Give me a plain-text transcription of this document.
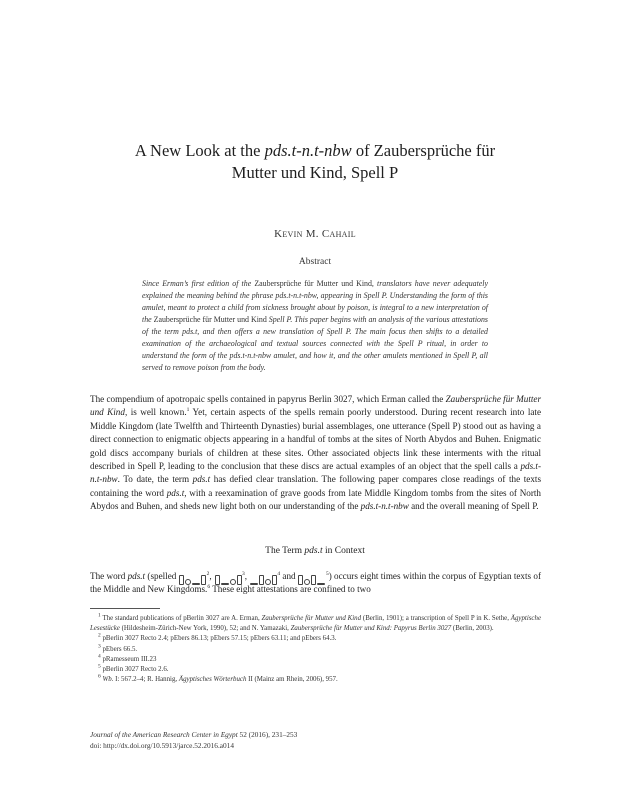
A New Look at the pds.t-n.t-nbw of Zaubersprüche für
Mutter und Kind, Spell P
Kevin M. Cahail
Abstract
Since Erman’s first edition of the Zaubersprüche für Mutter und Kind, translators have never adequately explained the meaning behind the phrase pds.t-n.t-nbw, appearing in Spell P. Understanding the form of this amulet, meant to protect a child from sickness brought about by poison, is integral to a new interpretation of the Zaubersprüche für Mutter und Kind Spell P. This paper begins with an analysis of the various attestations of the term pds.t, and then offers a new translation of Spell P. The main focus then shifts to a detailed examination of the archaeological and textual sources connected with the Spell P ritual, in order to understand the form of the pds.t-n.t-nbw amulet, and how it, and the other amulets mentioned in Spell P, all served to remove poison from the body.

The compendium of apotropaic spells contained in papyrus Berlin 3027, which Erman called the Zaubersprüche für Mutter und Kind, is well known.$^1$ Yet, certain aspects of the spells remain poorly understood. During recent research into late Middle Kingdom (late Twelfth and Thirteenth Dynasties) burial assemblages, one utterance (Spell P) stood out as having a direct connection to enigmatic objects appearing in a handful of tombs at the sites of North Abydos and Buhen. Enigmatic gold discs accompany burials of children at these sites. Other associated objects link these interments with the ritual described in Spell P, leading to the conclusion that these discs are actual examples of an object that the spell calls a pds.t-n.t-nbw. To date, the term pds.t has defied clear translation. The following paper compares close readings of the texts containing the word pds.t, with a reexamination of grave goods from late Middle Kingdom tombs from the sites of North Abydos and Buhen, and sheds new light both on our understanding of the pds.t-n.t-nbw and the overall meaning of Spell P.

The Term pds.t in Context
The word pds.t (spelled	$^2$,	$^3$,	$^4$ and	$^5$) occurs eight times within the corpus of Egyptian texts of the Middle and New Kingdoms.$^6$ These eight attestations are confined to two

$^1$ The standard publications of pBerlin 3027 are A. Erman, Zaubersprüche für Mutter und Kind (Berlin, 1901); a transcription of Spell P in K. Sethe, Ägyptische Lesestücke (Hildesheim-Zürich-New York, 1990), 52; and N. Yamazaki, Zaubersprüche für Mutter und Kind: Papyrus Berlin 3027 (Berlin, 2003).

$^2$ pBerlin 3027 Recto 2.4; pEbers 86.13; pEbers 57.15; pEbers 63.11; and pEbers 64.3.

$^3$ pEbers 66.5.

$^4$ pRamesseum III.23

$^5$ pBerlin 3027 Recto 2.6.

$^6$ Wb. I: 567.2–4; R. Hannig, Ägyptisches Wörterbuch II (Mainz am Rhein, 2006), 957.

Journal of the American Research Center in Egypt 52 (2016), 231–253
doi: http://dx.doi.org/10.5913/jarce.52.2016.a014
